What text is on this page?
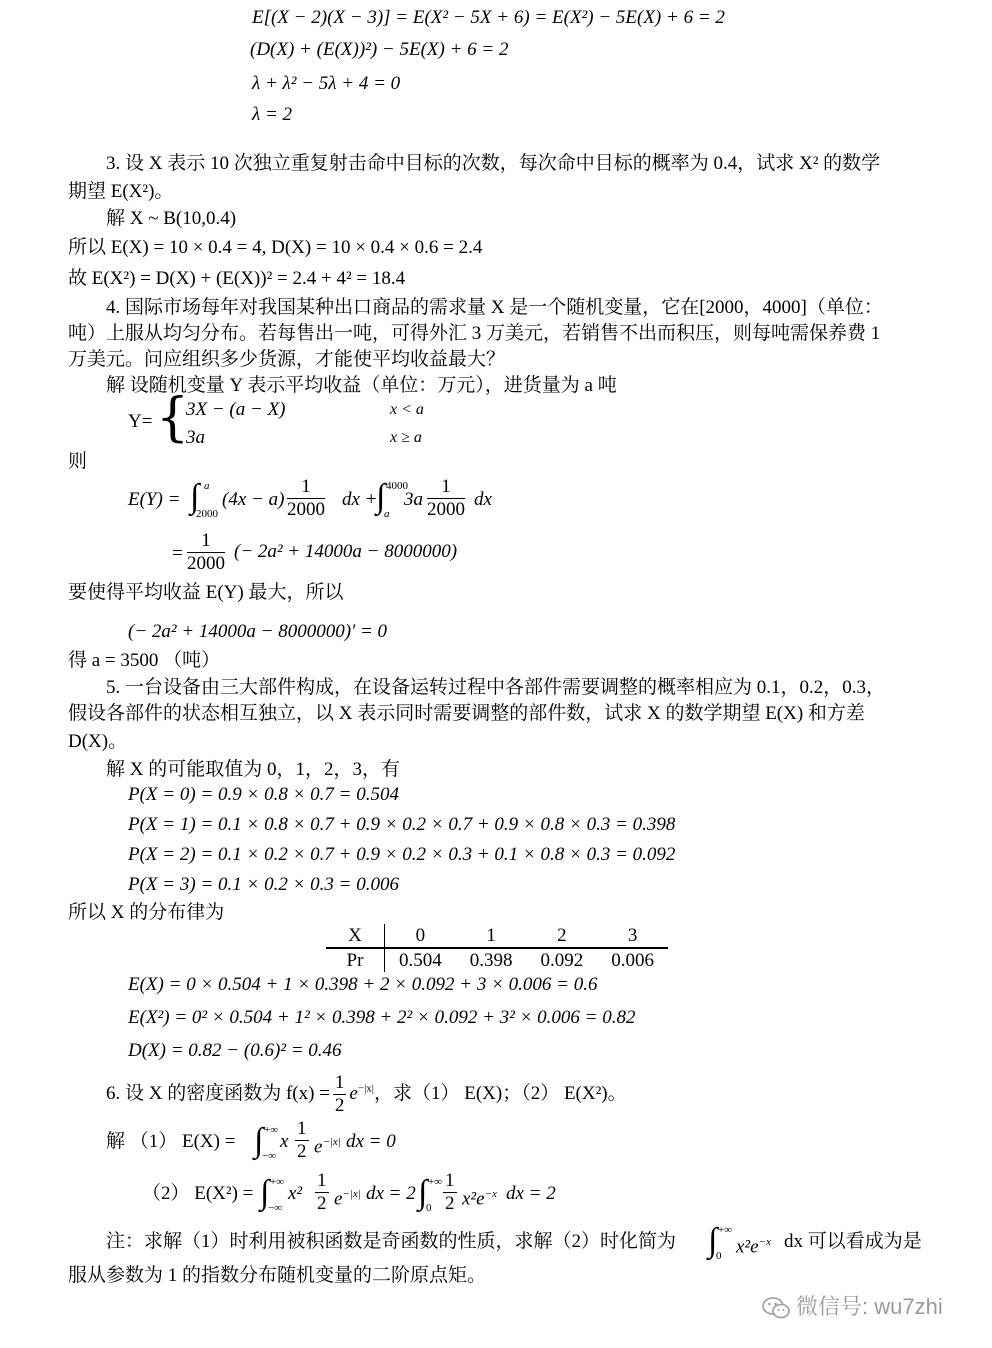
E[(X − 2)(X − 3)] = E(X² − 5X + 6) = E(X²) − 5E(X) + 6 = 2
(D(X) + (E(X))²) − 5E(X) + 6 = 2
λ + λ² − 5λ + 4 = 0
λ = 2
3. 设 X 表示 10 次独立重复射击命中目标的次数，每次命中目标的概率为 0.4，试求 X² 的数学
期望 E(X²)。
解 X ~ B(10,0.4)
所以 E(X) = 10 × 0.4 = 4, D(X) = 10 × 0.4 × 0.6 = 2.4
故 E(X²) = D(X) + (E(X))² = 2.4 + 4² = 18.4
4. 国际市场每年对我国某种出口商品的需求量 X 是一个随机变量，它在[2000，4000]（单位：
吨）上服从均匀分布。若每售出一吨，可得外汇 3 万美元，若销售不出而积压，则每吨需保养费 1
万美元。问应组织多少货源，才能使平均收益最大？
解 设随机变量 Y 表示平均收益（单位：万元），进货量为 a 吨
Y= {
3X − (a − X)	x < a
3a	x ≥ a
则
E(Y) = ∫ a
2000
$(4x - a) \frac{1}{2000}$ dx +
∫ 4000
a
$3a \frac{1}{2000}$ dx
= $\frac{1}{2000}$ (− 2a² + 14000a − 8000000)
要使得平均收益 E(Y) 最大，所以
(− 2a² + 14000a − 8000000)′ = 0
得 a = 3500 （吨）
5. 一台设备由三大部件构成，在设备运转过程中各部件需要调整的概率相应为 0.1，0.2，0.3，
假设各部件的状态相互独立，以 X 表示同时需要调整的部件数，试求 X 的数学期望 E(X) 和方差
D(X)。
解 X 的可能取值为 0，1，2，3，有
P(X = 0) = 0.9 × 0.8 × 0.7 = 0.504
P(X = 1) = 0.1 × 0.8 × 0.7 + 0.9 × 0.2 × 0.7 + 0.9 × 0.8 × 0.3 = 0.398
P(X = 2) = 0.1 × 0.2 × 0.7 + 0.9 × 0.2 × 0.3 + 0.1 × 0.8 × 0.3 = 0.092
P(X = 3) = 0.1 × 0.2 × 0.3 = 0.006
所以 X 的分布律为
X	0	1	2	3
Pr	0.504	0.398	0.092	0.006
E(X) = 0 × 0.504 + 1 × 0.398 + 2 × 0.092 + 3 × 0.006 = 0.6
E(X²) = 0² × 0.504 + 1² × 0.398 + 2² × 0.092 + 3² × 0.006 = 0.82
D(X) = 0.82 − (0.6)² = 0.46
6. 设 X 的密度函数为 $f(x) = \frac{1}{2} e^{-|x|}$，求（1） E(X)；（2） E(X²)。
解 （1） E(X) = ∫ +∞
−∞
x $\frac{1}{2} e^{-|x|}$ dx = 0
（2） E(X²) = ∫ +∞
−∞
$x^2 \frac{1}{2} e^{-|x|}$ dx = 2 ∫ +∞
$0 \frac{1}{2} x^2e^{-x}$ dx = 2
注：求解（1）时利用被积函数是奇函数的性质，求解（2）时化简为 ∫ +∞
0 $x^2e^{-x}$ dx 可以看成为是
服从参数为 1 的指数分布随机变量的二阶原点矩。
微信号: wu7zhi
